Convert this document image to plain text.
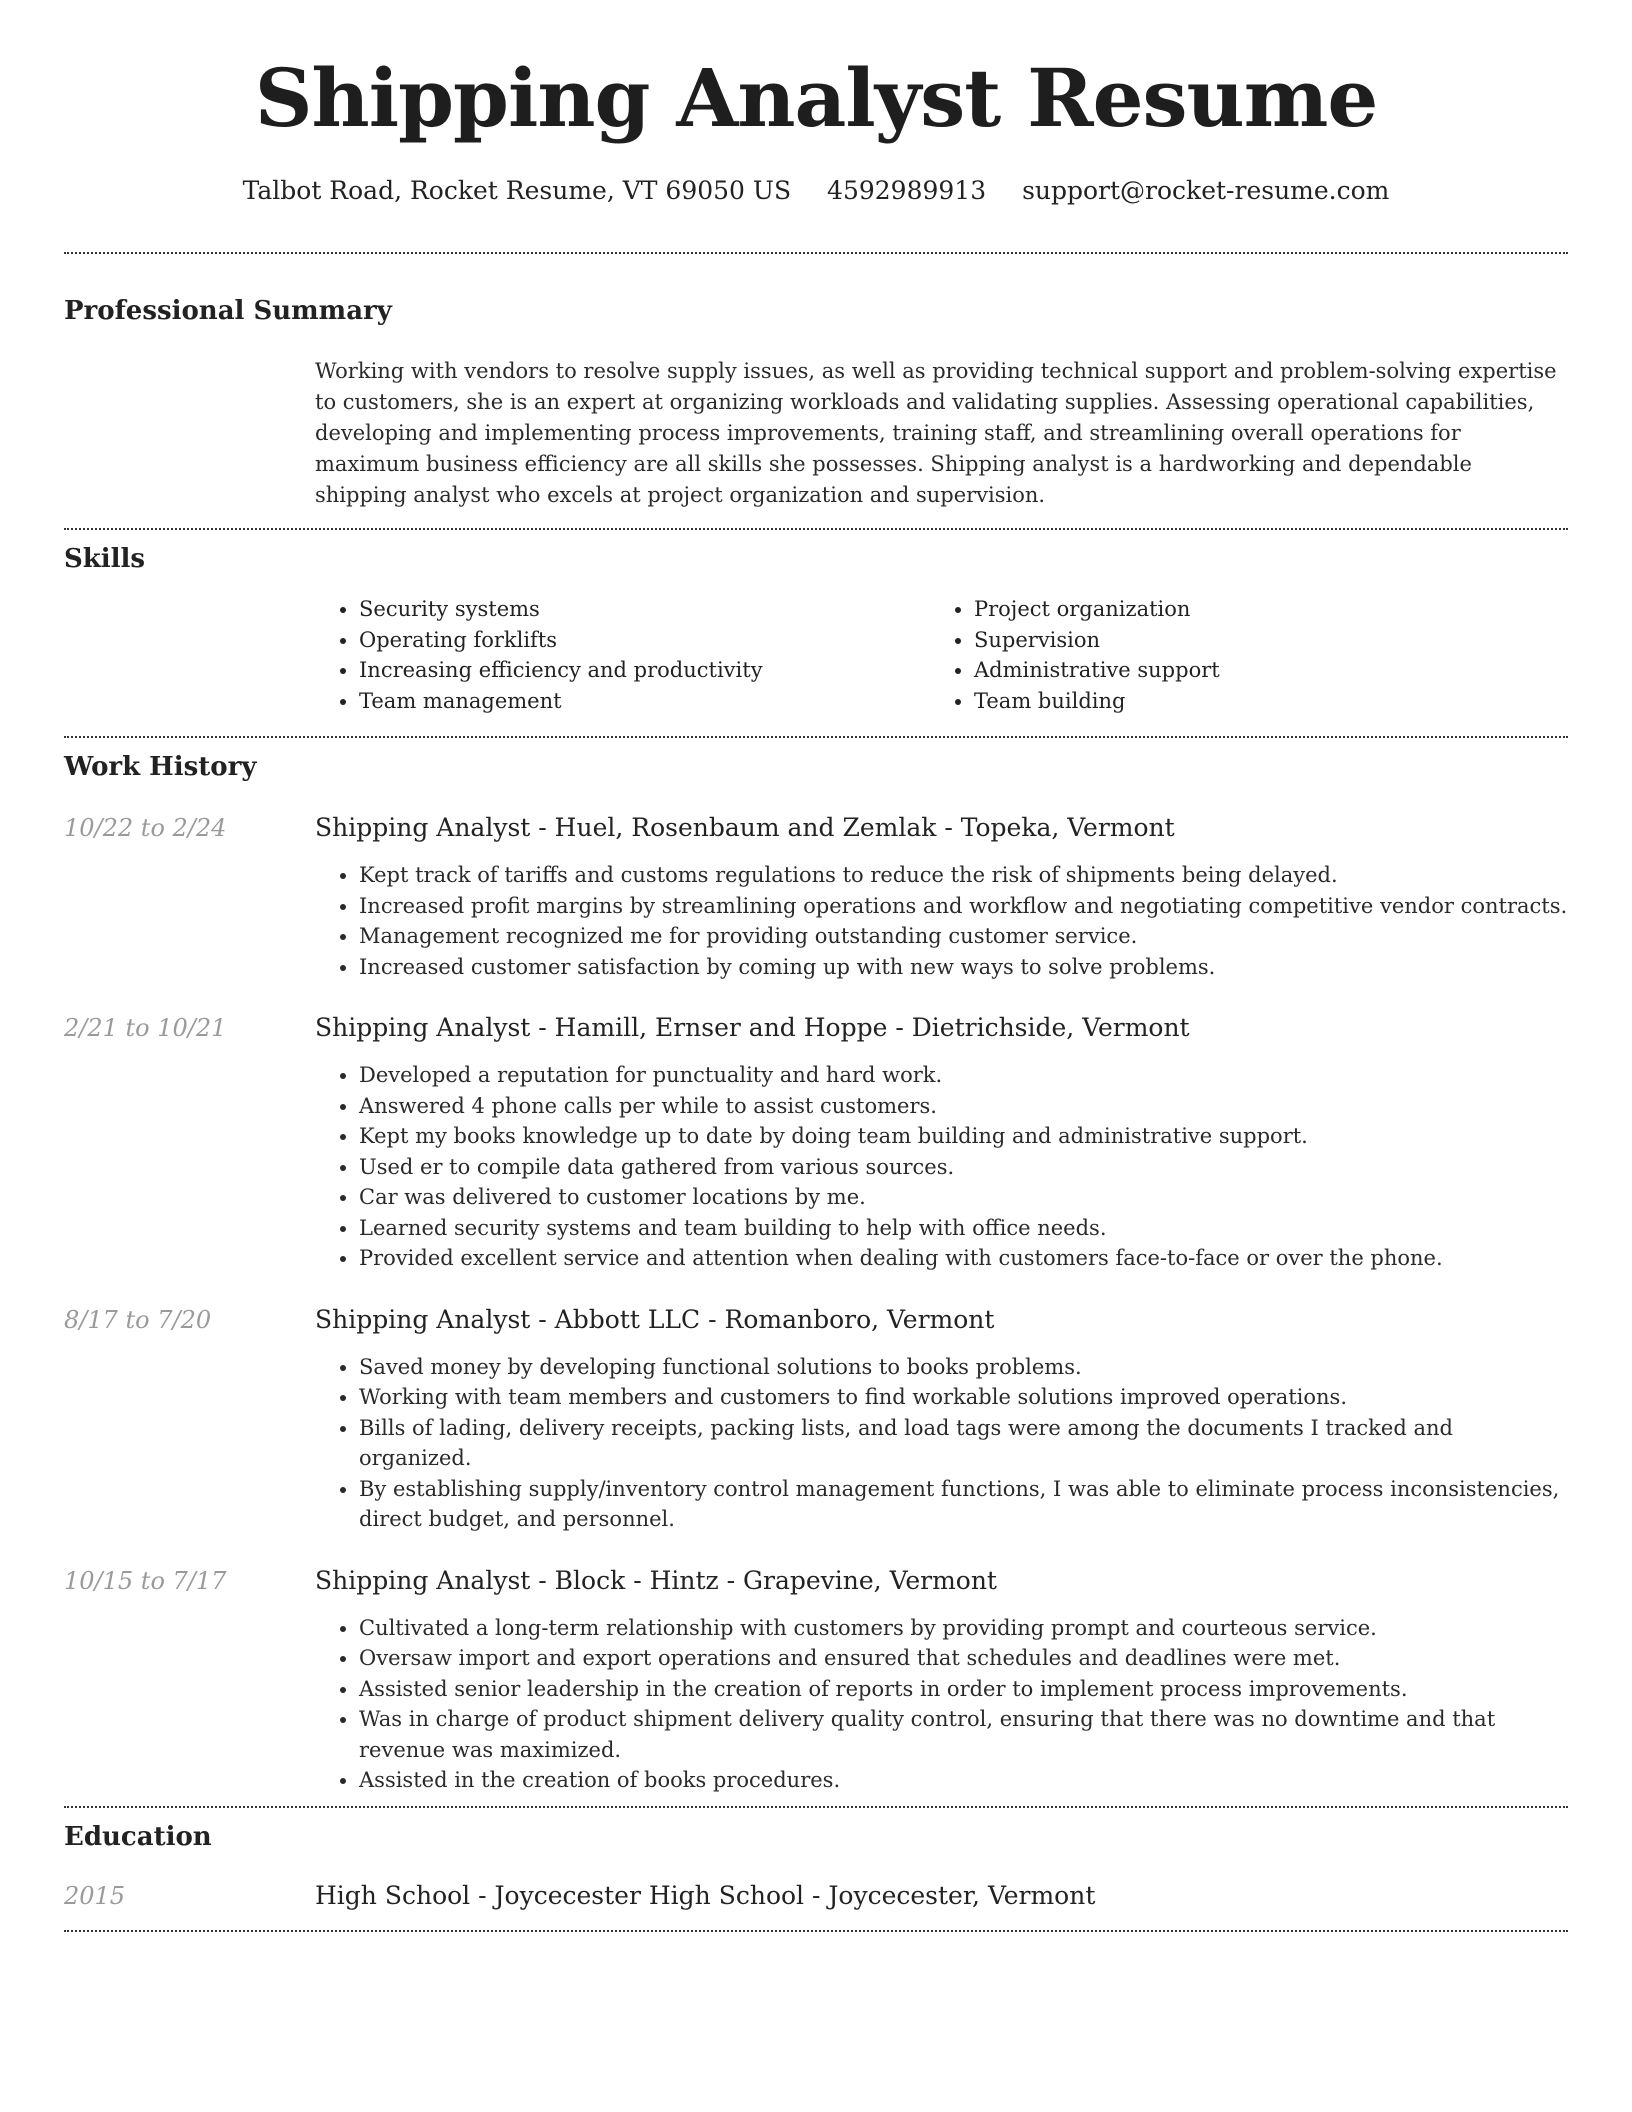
Shipping Analyst Resume
Talbot Road, Rocket Resume, VT 69050 US 4592989913 support@rocket-resume.com
Professional Summary

Working with vendors to resolve supply issues, as well as providing technical support and problem-solving expertise to customers, she is an expert at organizing workloads and validating supplies. Assessing operational capabilities, developing and implementing process improvements, training staff, and streamlining overall operations for maximum business efficiency are all skills she possesses. Shipping analyst is a hardworking and dependable shipping analyst who excels at project organization and supervision.

Skills
• Security systems
• Operating forklifts
• Increasing efficiency and productivity
• Team management
• Project organization
• Supervision
• Administrative support
• Team building
Work History
10/22 to 2/24	Shipping Analyst - Huel, Rosenbaum and Zemlak - Topeka, Vermont
• Kept track of tariffs and customs regulations to reduce the risk of shipments being delayed.
• Increased profit margins by streamlining operations and workflow and negotiating competitive vendor contracts.
• Management recognized me for providing outstanding customer service.
• Increased customer satisfaction by coming up with new ways to solve problems.
2/21 to 10/21	Shipping Analyst - Hamill, Ernser and Hoppe - Dietrichside, Vermont
• Developed a reputation for punctuality and hard work.
• Answered 4 phone calls per while to assist customers.
• Kept my books knowledge up to date by doing team building and administrative support.
• Used er to compile data gathered from various sources.
• Car was delivered to customer locations by me.
• Learned security systems and team building to help with office needs.
• Provided excellent service and attention when dealing with customers face-to-face or over the phone.
8/17 to 7/20	Shipping Analyst - Abbott LLC - Romanboro, Vermont
• Saved money by developing functional solutions to books problems.
• Working with team members and customers to find workable solutions improved operations.
• Bills of lading, delivery receipts, packing lists, and load tags were among the documents I tracked and organized.
• By establishing supply/inventory control management functions, I was able to eliminate process inconsistencies, direct budget, and personnel.
10/15 to 7/17	Shipping Analyst - Block - Hintz - Grapevine, Vermont
• Cultivated a long-term relationship with customers by providing prompt and courteous service.
• Oversaw import and export operations and ensured that schedules and deadlines were met.
• Assisted senior leadership in the creation of reports in order to implement process improvements.
• Was in charge of product shipment delivery quality control, ensuring that there was no downtime and that revenue was maximized.
• Assisted in the creation of books procedures.
Education
2015	High School - Joycecester High School - Joycecester, Vermont
